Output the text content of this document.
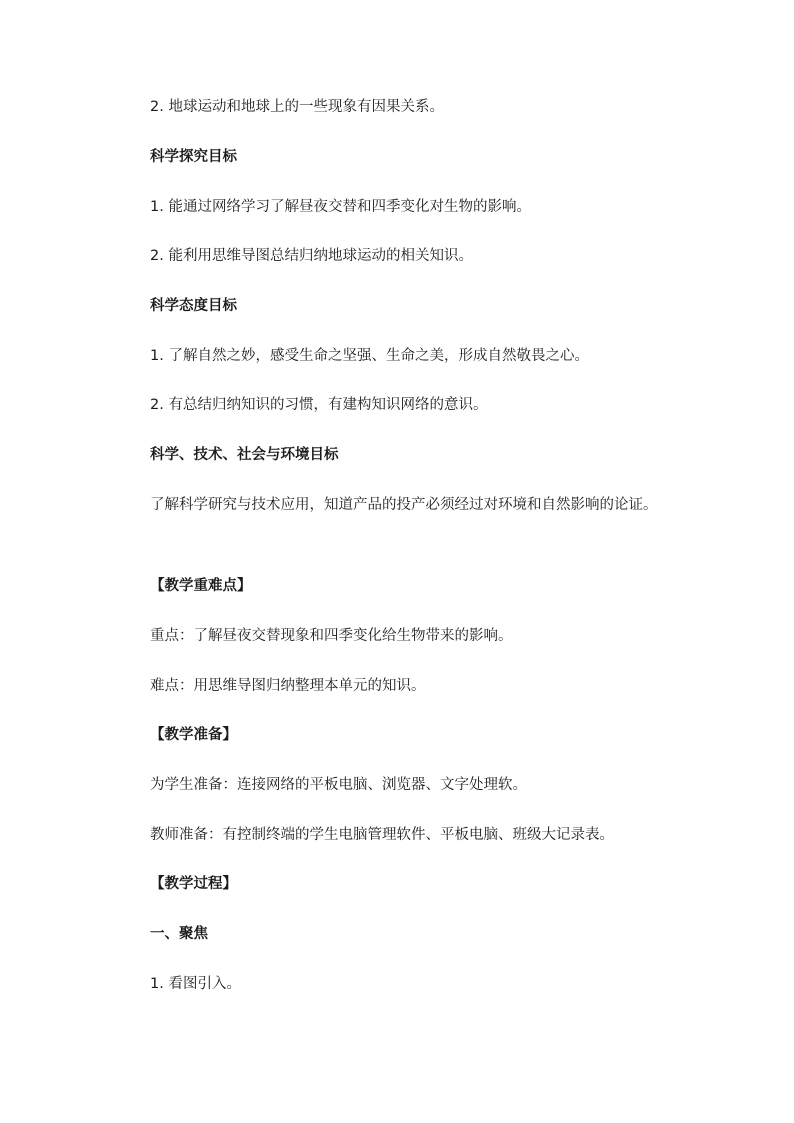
2. 地球运动和地球上的一些现象有因果关系。
科学探究目标
1. 能通过网络学习了解昼夜交替和四季变化对生物的影响。
2. 能利用思维导图总结归纳地球运动的相关知识。
科学态度目标
1. 了解自然之妙，感受生命之坚强、生命之美，形成自然敬畏之心。
2. 有总结归纳知识的习惯，有建构知识网络的意识。
科学、技术、社会与环境目标
了解科学研究与技术应用，知道产品的投产必须经过对环境和自然影响的论证。
【教学重难点】
重点：了解昼夜交替现象和四季变化给生物带来的影响。
难点：用思维导图归纳整理本单元的知识。
【教学准备】
为学生准备：连接网络的平板电脑、浏览器、文字处理软。
教师准备：有控制终端的学生电脑管理软件、平板电脑、班级大记录表。
【教学过程】
一、聚焦
1. 看图引入。
